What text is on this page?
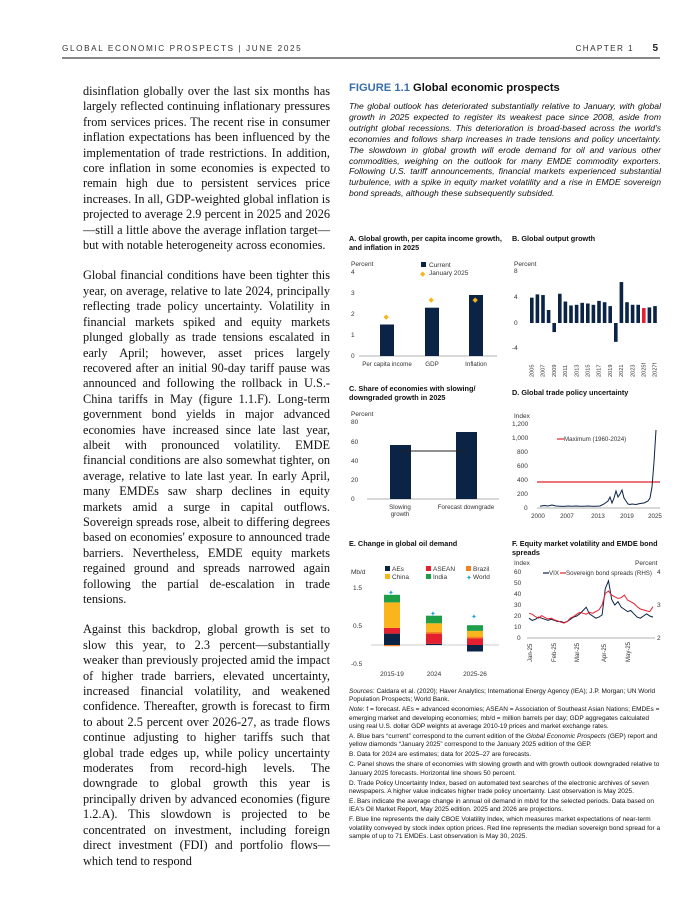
GLOBAL ECONOMIC PROSPECTS | JUNE 2025	CHAPTER 1 5

disinflation globally over the last six months has largely reflected continuing inflationary pressures from services prices. The recent rise in consumer inflation expectations has been influenced by the implementation of trade restrictions. In addition, core inflation in some economies is expected to remain high due to persistent services price increases. In all, GDP-weighted global inflation is projected to average 2.9 percent in 2025 and 2026—still a little above the average inflation target—but with notable heterogeneity across economies.

Global financial conditions have been tighter this year, on average, relative to late 2024, principally reflecting trade policy uncertainty. Volatility in financial markets spiked and equity markets plunged globally as trade tensions escalated in early April; however, asset prices largely recovered after an initial 90-day tariff pause was announced and following the rollback in U.S.-China tariffs in May (figure 1.1.F). Long-term government bond yields in major advanced economies have increased since late last year, albeit with pronounced volatility. EMDE financial conditions are also somewhat tighter, on average, relative to late last year. In early April, many EMDEs saw sharp declines in equity markets amid a surge in capital outflows. Sovereign spreads rose, albeit to differing degrees based on economies' exposure to announced trade barriers. Nevertheless, EMDE equity markets regained ground and spreads narrowed again following the partial de-escalation in trade tensions.

Against this backdrop, global growth is set to slow this year, to 2.3 percent—substantially weaker than previously projected amid the impact of higher trade barriers, elevated uncertainty, increased financial volatility, and weakened confidence. Thereafter, growth is forecast to firm to about 2.5 percent over 2026-27, as trade flows continue adjusting to higher tariffs such that global trade edges up, while policy uncertainty moderates from record-high levels. The downgrade to global growth this year is principally driven by advanced economies (figure 1.2.A). This slowdown is projected to be concentrated on investment, including foreign direct investment (FDI) and portfolio flows—which tend to respond

FIGURE 1.1 Global economic prospects
The global outlook has deteriorated substantially relative to January, with global growth in 2025 expected to register its weakest pace since 2008, aside from outright global recessions. This deterioration is broad-based across the world's economies and follows sharp increases in trade tensions and policy uncertainty. The slowdown in global growth will erode demand for oil and various other commodities, weighing on the outlook for many EMDE commodity exporters. Following U.S. tariff announcements, financial markets experienced substantial turbulence, with a spike in equity market volatility and a rise in EMDE sovereign bond spreads, although these subsequently subsided.
A. Global growth, per capita income growth, and inflation in 2025
Percent
4
3
2
1
0
Current
◆ January 2025
◆
◆	◆
Per capita income GDP	Inflation
B. Global output growth
Percent
8
4
0
-4
2005 2007 2009 2011 2013 2015 2017 2019 2021 2023 2025f 2027f
C. Share of economies with slowing/ downgraded growth in 2025
Percent
80
60
40
20
0
Slowing
growth
Forecast downgrade
D. Global trade policy uncertainty
Index
1,200
1,000
800
600
400
200
0
Maximum (1960-2024)
2000 2007	2013 2019 2025
E. Change in global oil demand
Mb/d	AEs	ASEAN	Brazil
China	India	✦ World
1.5
0.5
-0.5
✦
✦	✦
2015-19	2024	2025-26
F. Equity market volatility and EMDE bond spreads
Index	Percent
60
50
40
30
20
10
0
4
3
2
VIX Sovereign bond spreads (RHS)
Jan-25	Feb-25	Mar-25	Apr-25	May-25

Sources: Caldara et al. (2020); Haver Analytics; International Energy Agency (IEA); J.P. Morgan; UN World Population Prospects; World Bank.

Note: f = forecast. AEs = advanced economies; ASEAN = Association of Southeast Asian Nations; EMDEs = emerging market and developing economies; mb/d = million barrels per day; GDP aggregates calculated using real U.S. dollar GDP weights at average 2010-19 prices and market exchange rates.

A. Blue bars “current” correspond to the current edition of the Global Economic Prospects (GEP) report and yellow diamonds “January 2025” correspond to the January 2025 edition of the GEP.

B. Data for 2024 are estimates; data for 2025–27 are forecasts.

C. Panel shows the share of economies with slowing growth and with growth outlook downgraded relative to January 2025 forecasts. Horizontal line shows 50 percent.

D. Trade Policy Uncertainty Index, based on automated text searches of the electronic archives of seven newspapers. A higher value indicates higher trade policy uncertainty. Last observation is May 2025.

E. Bars indicate the average change in annual oil demand in mb/d for the selected periods. Data based on IEA's Oil Market Report, May 2025 edition. 2025 and 2026 are projections.

F. Blue line represents the daily CBOE Volatility Index, which measures market expectations of near-term volatility conveyed by stock index option prices. Red line represents the median sovereign bond spread for a sample of up to 71 EMDEs. Last observation is May 30, 2025.
